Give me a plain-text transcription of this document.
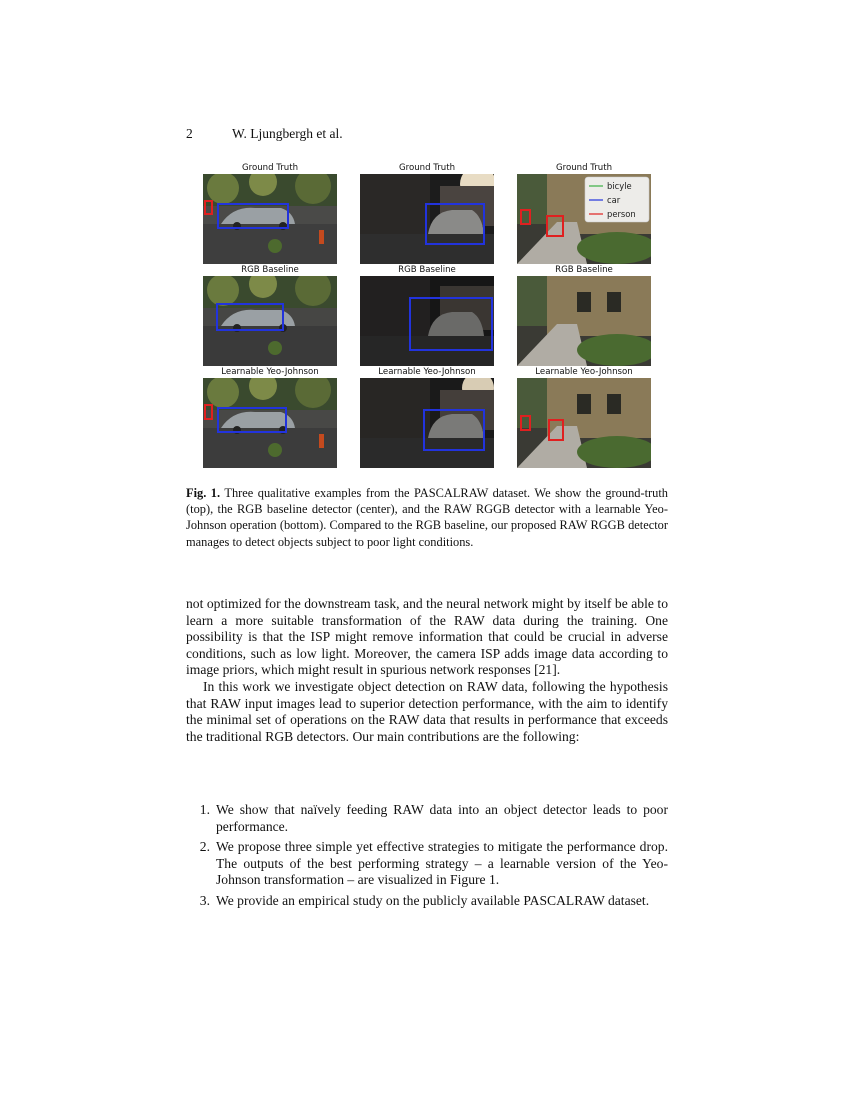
2	W. Ljungbergh et al.
Ground Truth	Ground Truth	Ground Truth
bicyle
car
person
RGB Baseline	RGB Baseline	RGB Baseline
Learnable Yeo-Johnson	Learnable Yeo-Johnson	Learnable Yeo-Johnson
Fig. 1. Three qualitative examples from the PASCALRAW dataset. We show the ground-truth (top), the RGB baseline detector (center), and the RAW RGGB detector with a learnable Yeo-Johnson operation (bottom). Compared to the RGB baseline, our proposed RAW RGGB detector manages to detect objects subject to poor light conditions.

not optimized for the downstream task, and the neural network might by itself be able to learn a more suitable transformation of the RAW data during the training. One possibility is that the ISP might remove information that could be crucial in adverse conditions, such as low light. Moreover, the camera ISP adds image data according to image priors, which might result in spurious network responses [21].

In this work we investigate object detection on RAW data, following the hypothesis that RAW input images lead to superior detection performance, with the aim to identify the minimal set of operations on the RAW data that results in performance that exceeds the traditional RGB detectors. Our main contributions are the following:

1. We show that naïvely feeding RAW data into an object detector leads to poor performance.
2. We propose three simple yet effective strategies to mitigate the performance drop. The outputs of the best performing strategy – a learnable version of the Yeo-Johnson transformation – are visualized in Figure 1.
3. We provide an empirical study on the publicly available PASCALRAW dataset.
